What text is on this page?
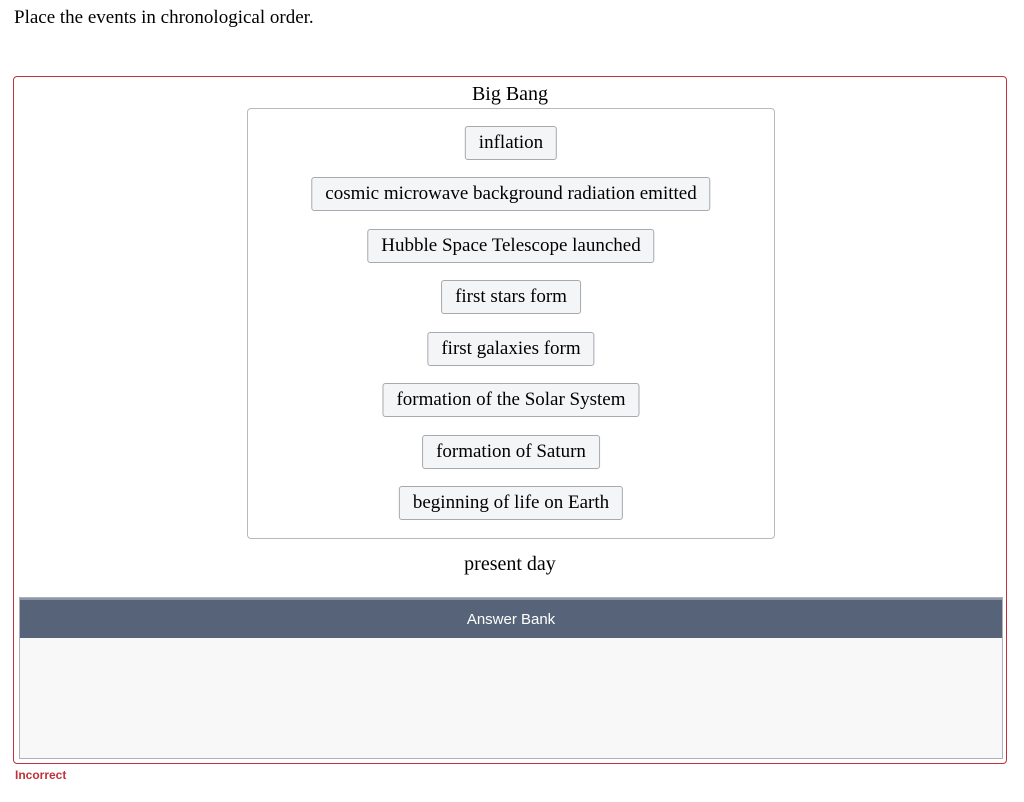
Place the events in chronological order.
Big Bang
inflation
cosmic microwave background radiation emitted
Hubble Space Telescope launched
first stars form
first galaxies form
formation of the Solar System
formation of Saturn
beginning of life on Earth
present day
Answer Bank
Incorrect
